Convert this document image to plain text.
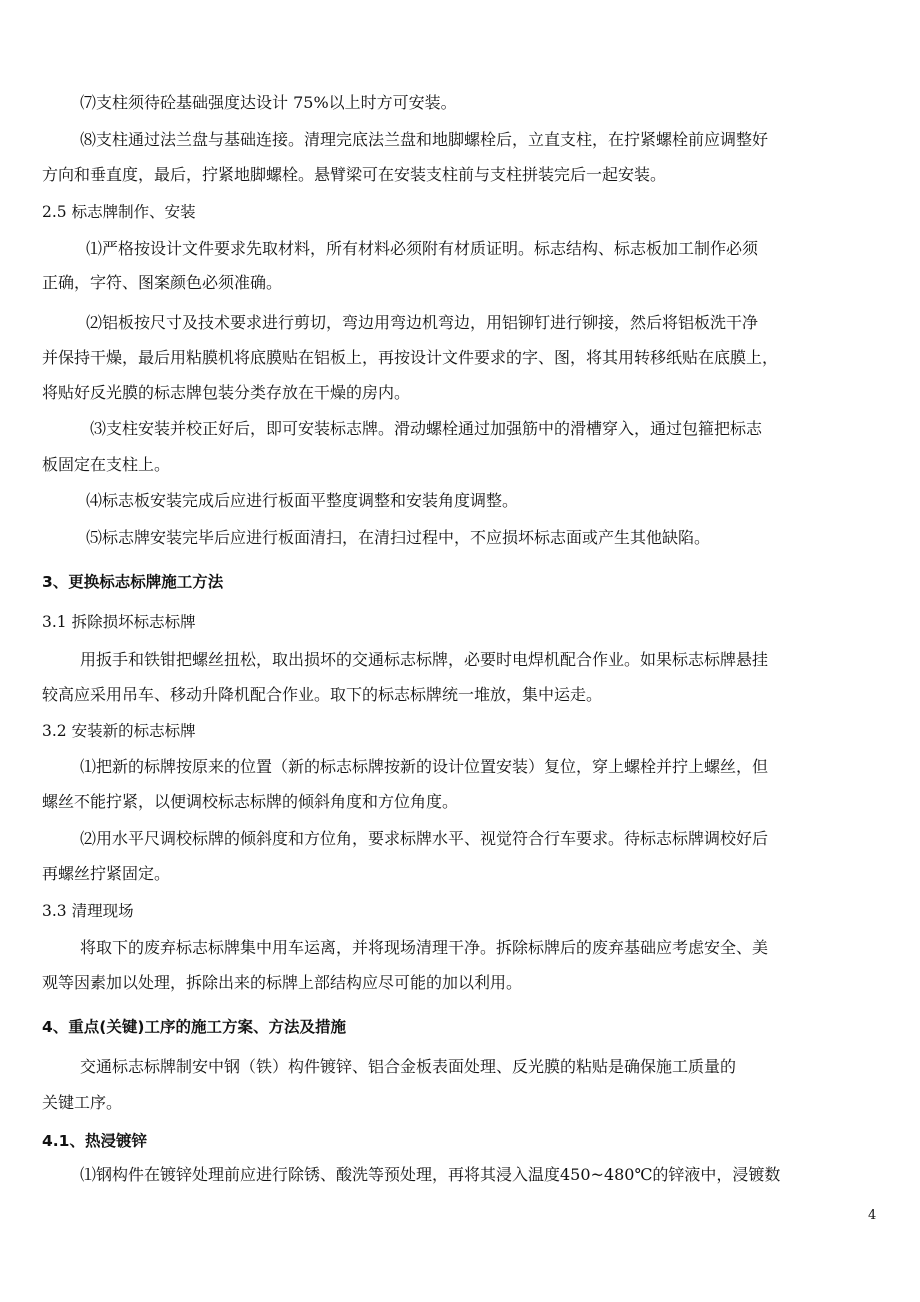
⑺支柱须待砼基础强度达设计 75%以上时方可安装。

⑻支柱通过法兰盘与基础连接。清理完底法兰盘和地脚螺栓后，立直支柱，在拧紧螺栓前应调整好

方向和垂直度，最后，拧紧地脚螺栓。悬臂梁可在安装支柱前与支柱拼装完后一起安装。

2.5 标志牌制作、安装

⑴严格按设计文件要求先取材料，所有材料必须附有材质证明。标志结构、标志板加工制作必须

正确，字符、图案颜色必须准确。

⑵铝板按尺寸及技术要求进行剪切，弯边用弯边机弯边，用铝铆钉进行铆接，然后将铝板洗干净

并保持干燥，最后用粘膜机将底膜贴在铝板上，再按设计文件要求的字、图，将其用转移纸贴在底膜上，

将贴好反光膜的标志牌包装分类存放在干燥的房内。

⑶支柱安装并校正好后，即可安装标志牌。滑动螺栓通过加强筋中的滑槽穿入，通过包箍把标志

板固定在支柱上。

⑷标志板安装完成后应进行板面平整度调整和安装角度调整。

⑸标志牌安装完毕后应进行板面清扫，在清扫过程中，不应损坏标志面或产生其他缺陷。

3、更换标志标牌施工方法

3.1 拆除损坏标志标牌

用扳手和铁钳把螺丝扭松，取出损坏的交通标志标牌，必要时电焊机配合作业。如果标志标牌悬挂

较高应采用吊车、移动升降机配合作业。取下的标志标牌统一堆放，集中运走。

3.2 安装新的标志标牌

⑴把新的标牌按原来的位置（新的标志标牌按新的设计位置安装）复位，穿上螺栓并拧上螺丝，但

螺丝不能拧紧，以便调校标志标牌的倾斜角度和方位角度。

⑵用水平尺调校标牌的倾斜度和方位角，要求标牌水平、视觉符合行车要求。待标志标牌调校好后

再螺丝拧紧固定。

3.3 清理现场

将取下的废弃标志标牌集中用车运离，并将现场清理干净。拆除标牌后的废弃基础应考虑安全、美

观等因素加以处理，拆除出来的标牌上部结构应尽可能的加以利用。

4、重点(关键)工序的施工方案、方法及措施

交通标志标牌制安中钢（铁）构件镀锌、铝合金板表面处理、反光膜的粘贴是确保施工质量的

关键工序。

4.1、热浸镀锌

⑴钢构件在镀锌处理前应进行除锈、酸洗等预处理，再将其浸入温度450~480℃的锌液中，浸镀数

4
